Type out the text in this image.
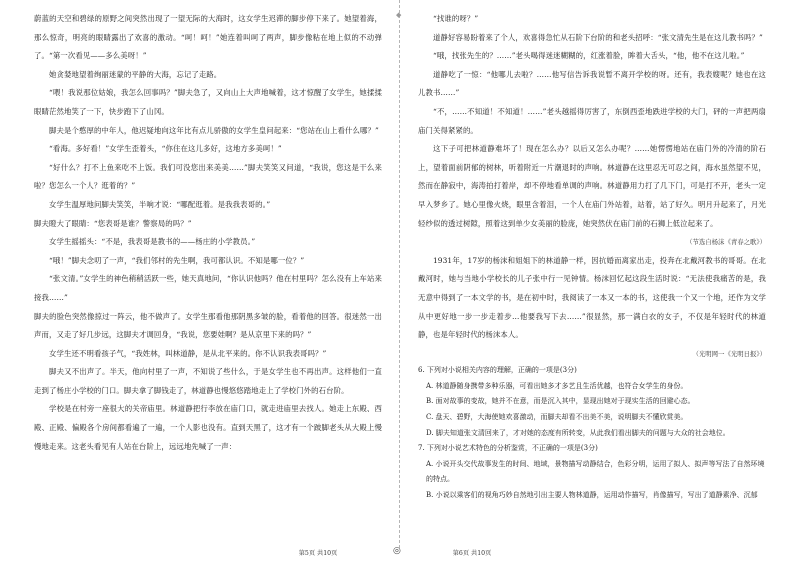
◆

蔚蓝的天空和碧绿的原野之间突然出现了一望无际的大海时，这女学生迟滞的脚步停下来了。她望着海，那么惊奇，明亮的眼睛露出了欢喜的激动。“呵！呵！”她连着叫呵了两声，脚步像粘在地上似的不动弹了。“第一次看见——多么美呀！”

她贪婪地望着绚丽迷蒙的平静的大海，忘记了走路。

“喂！我说那位姑娘，我怎么回事吗？”脚夫急了，又向山上大声地喊着，这才惊醒了女学生，她揉揉眼睛茫然地笑了一下，快步跑下了山冈。

脚夫是个憨厚的中年人，他迟疑地向这年比有点儿骄傲的女学生皇问起来：“您站在山上看什么哪？”

“看海。多好看！”女学生歪着头，“你住在这儿多好，这地方多美呵！”

“好什么？打不上鱼来吃不上饭。我们可没您出来美美……”脚夫笑笑又问道，“我说，您这是干么来啦？您怎么一个人？逛着的？”

女学生温厚地问脚夫笑笑，半响才说：“哪配逛着。是我我表哥的。”

脚夫瞪大了眼睛：“您表哥是谁？警察局的吗？”

女学生摇摇头：“不是，我表哥是教书的——杨庄的小学教员。”

“哦！”脚夫念叨了一声，“我们邻村的先生啊，我可都认识。不知是哪一位？”

“张文清。”女学生的神色稍稍活跃一些，她天真地问，“你认识他吗？他在村里吗？怎么没有上车站来接我……”

脚夫的脸色突然像掠过一阵云，他不做声了。女学生那看他那阴黑多皱的脸，看着他的回答。很迷然一出声而，又走了好几步远，这脚夫才调回身，“我说，您要娃啊？是从京里下来的吗？”

女学生还不明看孩子气，“我姓林，叫林道静，是从北平来的。你不认识我表哥吗？”

脚夫又不出声了。半天，他向村里了一声，不知说了些什么，于是女学生也不再出声。这样他们一直走到了杨庄小学校的门口。脚夫拿了脚钱走了，林道静也慢悠悠踏地走上了学校门外的石台阶。

学校是在村旁一座很大的关帝庙里。林道静把行李放在庙门口，就走进庙里去找人。她走上东殿、西殿、正殿、偏殿各个房间都看遍了一遍，一个人影也没有。直到天黑了，这才有一个跛脚老头从大殿上慢慢地走来。这老头看见有人站在台阶上，远远地先喊了一声：

“找谁的呀？”

道静好容易盼着来了个人，欢喜得急忙从石阶下台阶的和老头招呼：“张文清先生是在这儿教书吗？”

“哦，找张先生的？……”老头喝得迷迷糊糊的，红涨着脸，眸着大舌头，“他，他不在这儿啦。”

道静吃了一惊：“他哪儿去啦？……他写信告诉我说暂不离开学校的呀。还有，我表嫂呢？她也在这儿教书……”

“不，……不知道！不知道！……”老头越摇得厉害了，东倒西歪地跌进学校的大门，砰的一声把两扇庙门关得紧紧的。

这下子可把林道静难坏了！现在怎么办？以后又怎么办呢？……她愣愣地站在庙门外的冷清的阶石上，望着面前阴郁的树林，听着附近一片潮退时的声响。林道静在这里忍无可忍之间，海水虽然望不见，然而在静寂中，海涛拍打着岸，却不停地看单调的声响。林道静用力打了几下门，可是打不开，老头一定早入梦乡了。她心里像火烧，眼里含着泪，一个人在庙门外站着，站着，站了好久。明月升起来了，月光轻纱似的透过树隙，照着这到单少女美丽的脸庞，她突然伏在庙门前的石狮上低泣起来了。

（节选自杨沫《青春之歌》）

1931年，17岁的杨沫和姐姐下的林道静一样，因抗婚而离家出走，投奔在北戴河教书的哥哥。在北戴河时，她与当地小学校长的儿子张中行一见钟情。杨沫回忆起这段生活时说：“无法使我痛苦的是，我无意中得到了一本文学的书，是在初中时，我阅读了一本又一本的书，这使我一个又一个地，还作为文学从中更好地一步一步走着步…他要我写下去……”很显然，那一满白衣的女子，不仅是年轻时代的林道静，也是年轻时代的杨沫本人。

（光明网一《光明日报》）

6. 下列对小说相关内容的理解，正确的一项是(3分)

A. 林道静随身携带多种乐器，可看出她多才多艺且生活优越，也符合女学生的身份。

B. 面对故事的变故，她并不在意，而是沉入其中，显现出她对于现实生活的回避心态。

C. 盘天、碧野，大海使她欢喜激动，而脚夫却看不出美不美，说明脚夫不懂欣赏美。

D. 脚夫知道张文清回来了，才对她的态度有所转变，从此我们看出脚夫的问题与大众的社会地位。

7. 下列对小说艺术特色的分析鉴赏，不正确的一项是(3分)

A. 小说开头交代故事发生的时间、地域，景物描写动静结合，色彩分明，运用了拟人、拟声等写法了自然环境的特点。

B. 小说以乘客们的视角巧妙自然地引出主要人物林道静，运用动作描写，肖像描写，写出了道静素净、沉郁

第5页 共10页	◎	第6页 共10页
